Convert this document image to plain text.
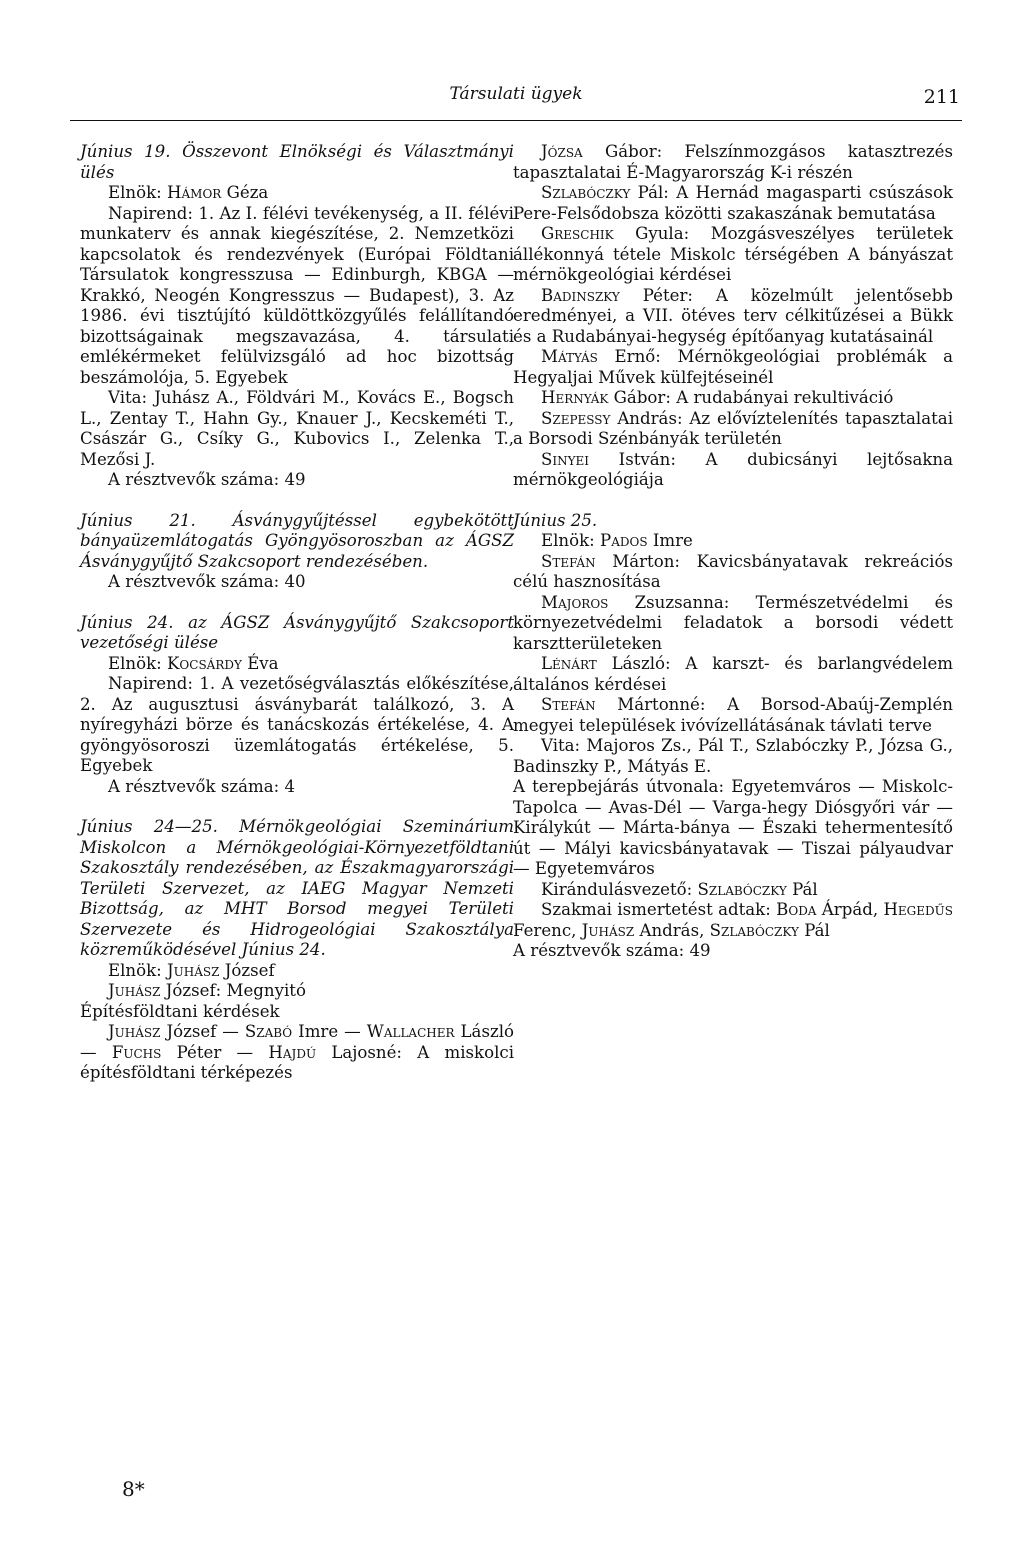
Társulati ügyek	211

Június 19. Összevont Elnökségi és Választmányi ülés

Elnök: Hámor Géza

Napirend: 1. Az I. félévi tevékenység, a II. félévi munkaterv és annak kiegészítése, 2. Nemzetközi kapcsolatok és rendezvények (Európai Földtani Társulatok kongresszusa — Edinburgh, KBGA — Krakkó, Neogén Kongresszus — Budapest), 3. Az 1986. évi tisztújító küldöttközgyűlés felállítandó bizottságainak megszavazása, 4. társulati emlékérmeket felülvizsgáló ad hoc bizottság beszámolója, 5. Egyebek

Vita: Juhász A., Földvári M., Kovács E., Bogsch L., Zentay T., Hahn Gy., Knauer J., Kecskeméti T., Császár G., Csíky G., Kubovics I., Zelenka T., Mezősi J.

A résztvevők száma: 49

Június 21. Ásványgyűjtéssel egybekötött bányaüzemlátogatás Gyöngyösoroszban az ÁGSZ Ásványgyűjtő Szakcsoport rendezésében.

A résztvevők száma: 40

Június 24. az ÁGSZ Ásványgyűjtő Szakcsoport vezetőségi ülése

Elnök: Kocsárdy Éva

Napirend: 1. A vezetőségválasztás előkészítése, 2. Az augusztusi ásványbarát találkozó, 3. A nyíregyházi börze és tanácskozás értékelése, 4. A gyöngyösoroszi üzemlátogatás értékelése, 5. Egyebek

A résztvevők száma: 4

Június 24—25. Mérnökgeológiai Szeminárium Miskolcon a Mérnökgeológiai-Környezetföldtani Szakosztály rendezésében, az Északmagyarországi Területi Szervezet, az IAEG Magyar Nemzeti Bizottság, az MHT Borsod megyei Területi Szervezete és Hidrogeológiai Szakosztálya közreműködésével Június 24.

Elnök: Juhász József

Juhász József: Megnyitó

Építésföldtani kérdések

Juhász József — Szabó Imre — Wallacher László — Fuchs Péter — Hajdú Lajosné: A miskolci építésföldtani térképezés

Józsa Gábor: Felszínmozgásos katasztrezés tapasztalatai É-Magyarország K-i részén

Szlabóczky Pál: A Hernád magasparti csúszások Pere-Felsődobsza közötti szakaszának bemutatása

Greschik Gyula: Mozgásveszélyes területek állékonnyá tétele Miskolc térségében A bányászat mérnökgeológiai kérdései

Badinszky Péter: A közelmúlt jelentősebb eredményei, a VII. ötéves terv célkitűzései a Bükk és a Rudabányai-hegység építőanyag kutatásainál

Mátyás Ernő: Mérnökgeológiai problémák a Hegyaljai Művek külfejtéseinél

Hernyák Gábor: A rudabányai rekultiváció

Szepessy András: Az elővíztelenítés tapasztalatai a Borsodi Szénbányák területén

Sinyei István: A dubicsányi lejtősakna mérnökgeológiája

Június 25.

Elnök: Pados Imre

Stefán Márton: Kavicsbányatavak rekreációs célú hasznosítása

Majoros Zsuzsanna: Természetvédelmi és környezetvédelmi feladatok a borsodi védett karsztterületeken

Lénárt László: A karszt- és barlangvédelem általános kérdései

Stefán Mártonné: A Borsod-Abaúj-Zemplén megyei települések ivóvízellátásának távlati terve

Vita: Majoros Zs., Pál T., Szlabóczky P., Józsa G., Badinszky P., Mátyás E.

A terepbejárás útvonala: Egyetemváros — Miskolc-Tapolca — Avas-Dél — Varga-hegy Diósgyőri vár — Királykút — Márta-bánya — Északi tehermentesítő út — Mályi kavicsbányatavak — Tiszai pályaudvar — Egyetemváros

Kirándulásvezető: Szlabóczky Pál

Szakmai ismertetést adtak: Boda Árpád, Hegedűs Ferenc, Juhász András, Szlabóczky Pál

A résztvevők száma: 49

8*
